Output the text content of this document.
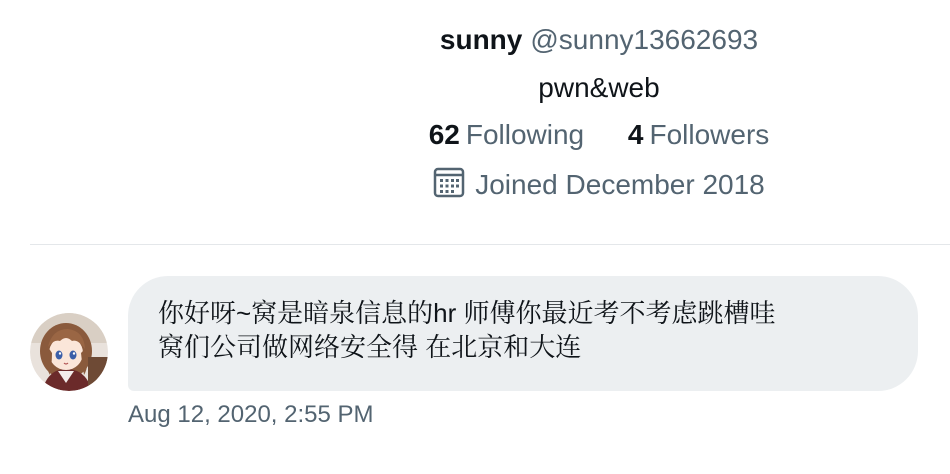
sunny @sunny13662693
pwn&web
62 Following 4 Followers
Joined December 2018
你好呀~窝是暗泉信息的hr 师傅你最近考不考虑跳槽哇
窝们公司做网络安全得 在北京和大连
Aug 12, 2020, 2:55 PM
